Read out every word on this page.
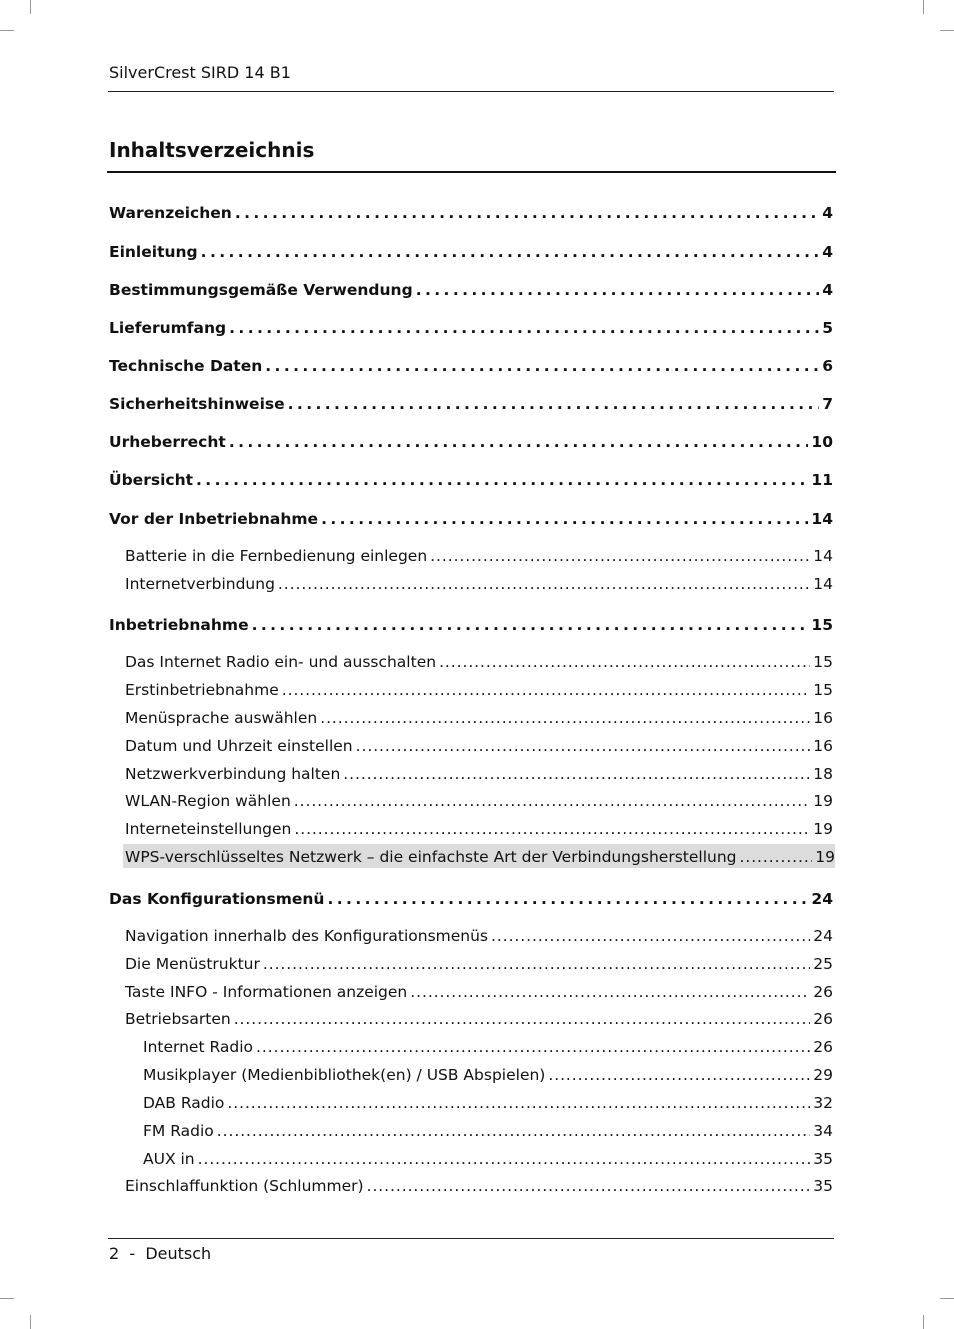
SilverCrest SIRD 14 B1
Inhaltsverzeichnis
Warenzeichen . . .	4
Einleitung . . .	4
Bestimmungsgemäße Verwendung . . .	4
Lieferumfang . . .	5
Technische Daten . . .	6
Sicherheitshinweise . . .	7
Urheberrecht . . .	10
Übersicht . . .	11
Vor der Inbetriebnahme . . .	14
Batterie in die Fernbedienung einlegen . . .	14
Internetverbindung . . .	14
Inbetriebnahme . . .	15
Das Internet Radio ein- und ausschalten . . .	15
Erstinbetriebnahme . . .	15
Menüsprache auswählen . . .	16
Datum und Uhrzeit einstellen . . .	16
Netzwerkverbindung halten . . .	18
WLAN-Region wählen . . .	19
Interneteinstellungen . . .	19
WPS-verschlüsseltes Netzwerk – die einfachste Art der Verbindungsherstellung . . .	19
Das Konfigurationsmenü . . .	24
Navigation innerhalb des Konfigurationsmenüs . . .	24
Die Menüstruktur . . .	25
Taste INFO - Informationen anzeigen . . .	26
Betriebsarten . . .	26
Internet Radio . . .	26
Musikplayer (Medienbibliothek(en) / USB Abspielen) . . .	29
DAB Radio . . .	32
FM Radio . . .	34
AUX in . . .	35
Einschlaffunktion (Schlummer) . . .	35
2 - Deutsch
